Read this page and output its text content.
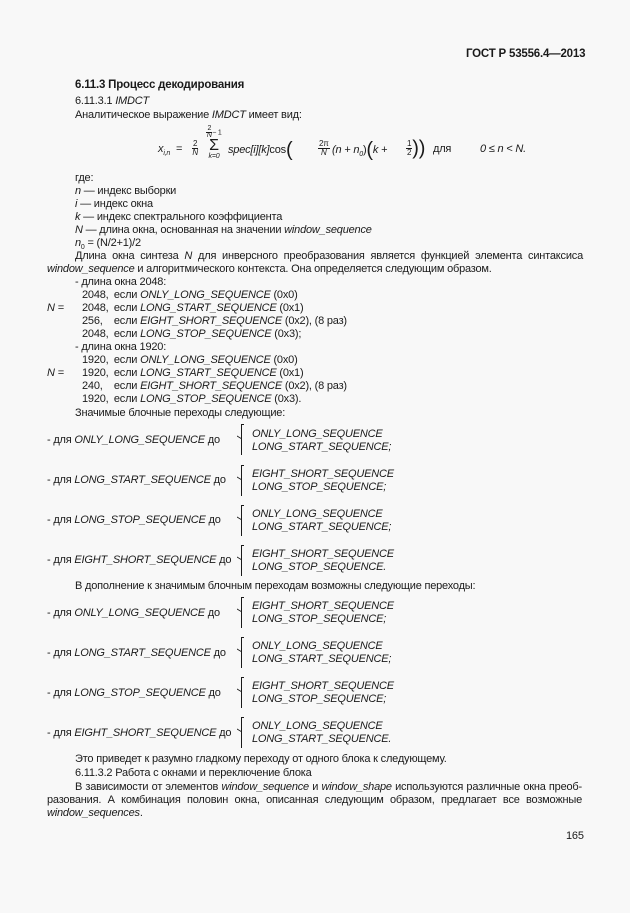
ГОСТ Р 53556.4—2013
6.11.3 Процесс декодирования
6.11.3.1 IMDCT
Аналитическое выражение IMDCT имеет вид:
$x_{i,n}$ =	$\frac{2}{N}$
$\frac{2}{N} - 1$
Σ
k=0
spec[i][k]cos(	$\frac{2\pi}{N} (n + n_0)(k + \frac{1}{2}$ )) для	0 ≤ n < N.
где:
n — индекс выборки
i — индекс окна
k — индекс спектрального коэффициента
N — длина окна, основанная на значении window_sequence
$n_0 = (N/2+1)/2$
Длина окна синтеза N для инверсного преобразования является функцией элемента синтаксиса
window_sequence и алгоритмического контекста. Она определяется следующим образом.
- длина окна 2048:
N =
2048, если ONLY_LONG_SEQUENCE (0x0)
2048, если LONG_START_SEQUENCE (0x1)
256, если EIGHT_SHORT_SEQUENCE (0x2), (8 раз)
2048, если LONG_STOP_SEQUENCE (0x3);
- длина окна 1920:
N =
1920, если ONLY_LONG_SEQUENCE (0x0)
1920, если LONG_START_SEQUENCE (0x1)
240, если EIGHT_SHORT_SEQUENCE (0x2), (8 раз)
1920, если LONG_STOP_SEQUENCE (0x3).
Значимые блочные переходы следующие:
- для ONLY_LONG_SEQUENCE до	ONLY_LONG_SEQUENCE
LONG_START_SEQUENCE;
- для LONG_START_SEQUENCE до EIGHT_SHORT_SEQUENCE
LONG_STOP_SEQUENCE;
- для LONG_STOP_SEQUENCE до	ONLY_LONG_SEQUENCE
LONG_START_SEQUENCE;
- для EIGHT_SHORT_SEQUENCE до EIGHT_SHORT_SEQUENCE
LONG_STOP_SEQUENCE.
В дополнение к значимым блочным переходам возможны следующие переходы:
- для ONLY_LONG_SEQUENCE до
EIGHT_SHORT_SEQUENCE
LONG_STOP_SEQUENCE;
- для LONG_START_SEQUENCE до
ONLY_LONG_SEQUENCE
LONG_START_SEQUENCE;
- для LONG_STOP_SEQUENCE до
EIGHT_SHORT_SEQUENCE
LONG_STOP_SEQUENCE;
- для EIGHT_SHORT_SEQUENCE до
ONLY_LONG_SEQUENCE
LONG_START_SEQUENCE.
Это приведет к разумно гладкому переходу от одного блока к следующему.
6.11.3.2 Работа с окнами и переключение блока
В зависимости от элементов window_sequence и window_shape используются различные окна преоб-разования. А комбинация половин окна, описанная следующим образом, предлагает все возможные window_sequences.
165
